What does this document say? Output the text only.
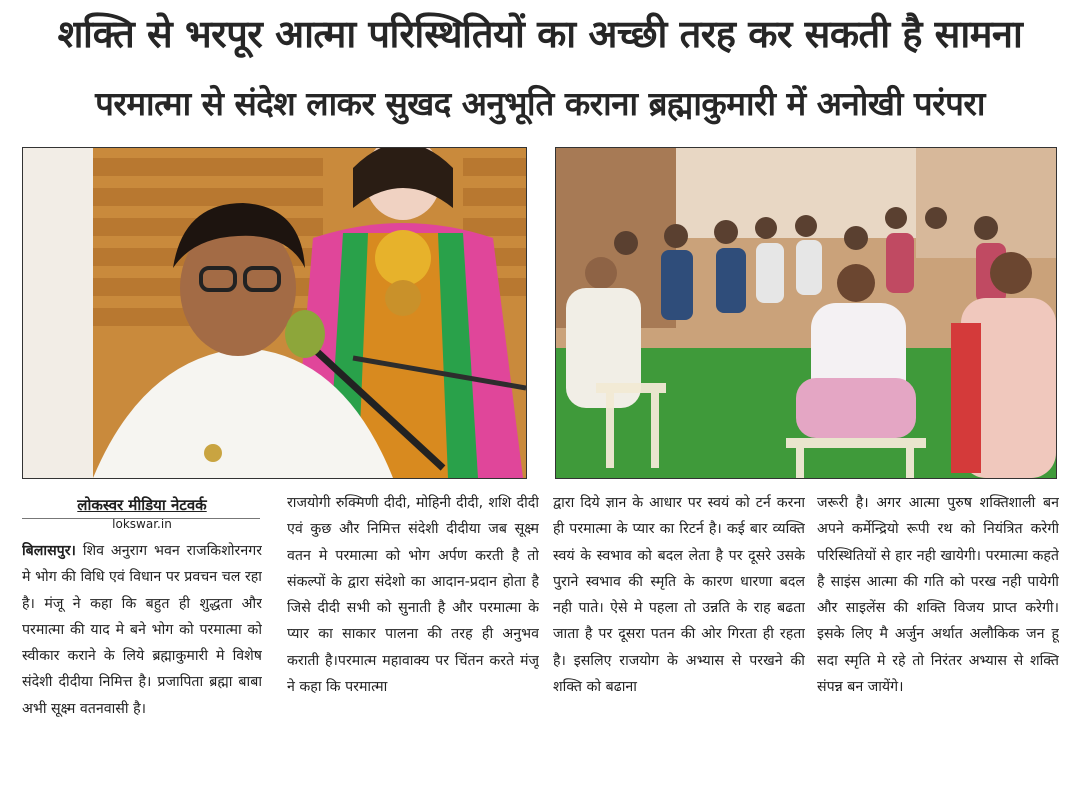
शक्ति से भरपूर आत्मा परिस्थितियों का अच्छी तरह कर सकती है सामना
परमात्मा से संदेश लाकर सुखद अनुभूति कराना ब्रह्माकुमारी में अनोखी परंपरा
लोकस्वर मीडिया नेटवर्क
lokswar.in

बिलासपुर। शिव अनुराग भवन राजकिशोरनगर मे भोग की विधि एवं विधान पर प्रवचन चल रहा है। मंजू ने कहा कि बहुत ही शुद्धता और परमात्मा की याद मे बने भोग को परमात्मा को स्वीकार कराने के लिये ब्रह्माकुमारी मे विशेष संदेशी दीदीया निमित्त है। प्रजापिता ब्रह्मा बाबा अभी सूक्ष्म वतनवासी है।

राजयोगी रुक्मिणी दीदी, मोहिनी दीदी, शशि दीदी एवं कुछ और निमित्त संदेशी दीदीया जब सूक्ष्म वतन मे परमात्मा को भोग अर्पण करती है तो संकल्पों के द्वारा संदेशो का आदान-प्रदान होता है जिसे दीदी सभी को सुनाती है और परमात्मा के प्यार का साकार पालना की तरह ही अनुभव कराती है।परमात्म महावाक्य पर चिंतन करते मंजू ने कहा कि परमात्मा

द्वारा दिये ज्ञान के आधार पर स्वयं को टर्न करना ही परमात्मा के प्यार का रिटर्न है। कई बार व्यक्ति स्वयं के स्वभाव को बदल लेता है पर दूसरे उसके पुराने स्वभाव की स्मृति के कारण धारणा बदल नही पाते। ऐसे मे पहला तो उन्नति के राह बढता जाता है पर दूसरा पतन की ओर गिरता ही रहता है। इसलिए राजयोग के अभ्यास से परखने की शक्ति को बढाना

जरूरी है। अगर आत्मा पुरुष शक्तिशाली बन अपने कर्मेन्द्रियो रूपी रथ को नियंत्रित करेगी परिस्थितियों से हार नही खायेगी। परमात्मा कहते है साइंस आत्मा की गति को परख नही पायेगी और साइलेंस की शक्ति विजय प्राप्त करेगी। इसके लिए मै अर्जुन अर्थात अलौकिक जन हू सदा स्मृति मे रहे तो निरंतर अभ्यास से शक्ति संपन्न बन जायेंगे।
